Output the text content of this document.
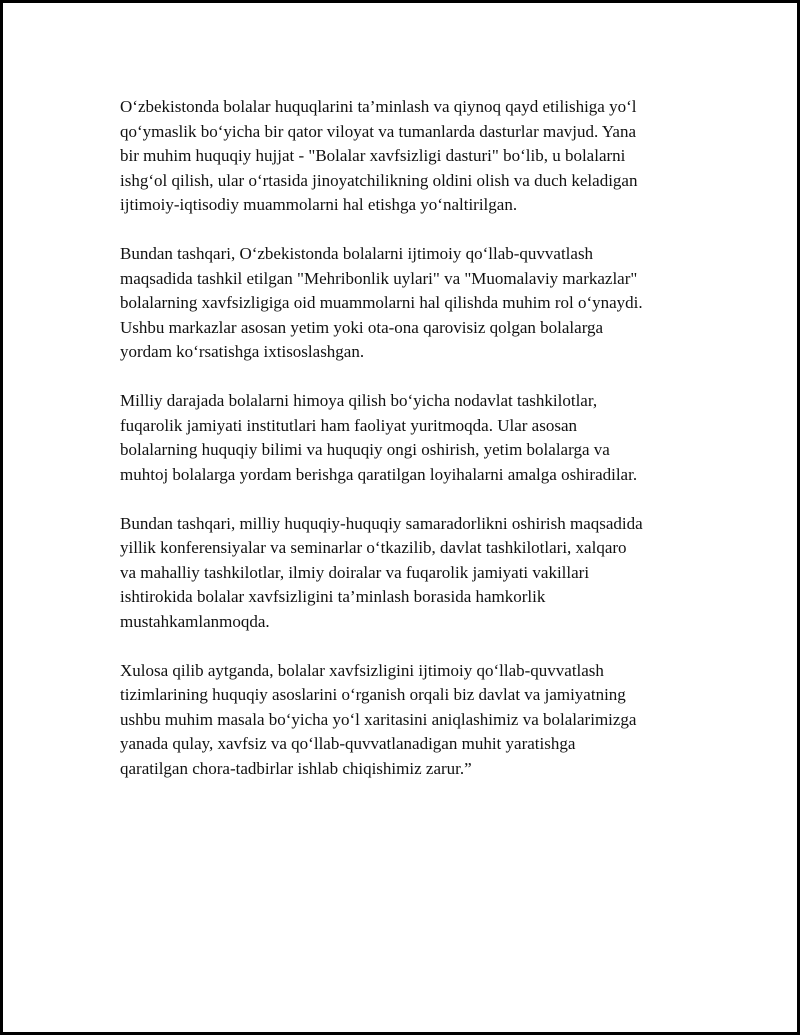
O‘zbekistonda bolalar huquqlarini ta’minlash va qiynoq qayd etilishiga yo‘l
qo‘ymaslik bo‘yicha bir qator viloyat va tumanlarda dasturlar mavjud. Yana
bir muhim huquqiy hujjat - "Bolalar xavfsizligi dasturi" bo‘lib, u bolalarni
ishg‘ol qilish, ular o‘rtasida jinoyatchilikning oldini olish va duch keladigan
ijtimoiy-iqtisodiy muammolarni hal etishga yo‘naltirilgan.

Bundan tashqari, O‘zbekistonda bolalarni ijtimoiy qo‘llab-quvvatlash
maqsadida tashkil etilgan "Mehribonlik uylari" va "Muomalaviy markazlar"
bolalarning xavfsizligiga oid muammolarni hal qilishda muhim rol o‘ynaydi.
Ushbu markazlar asosan yetim yoki ota-ona qarovisiz qolgan bolalarga
yordam ko‘rsatishga ixtisoslashgan.

Milliy darajada bolalarni himoya qilish bo‘yicha nodavlat tashkilotlar,
fuqarolik jamiyati institutlari ham faoliyat yuritmoqda. Ular asosan
bolalarning huquqiy bilimi va huquqiy ongi oshirish, yetim bolalarga va
muhtoj bolalarga yordam berishga qaratilgan loyihalarni amalga oshiradilar.

Bundan tashqari, milliy huquqiy-huquqiy samaradorlikni oshirish maqsadida
yillik konferensiyalar va seminarlar o‘tkazilib, davlat tashkilotlari, xalqaro
va mahalliy tashkilotlar, ilmiy doiralar va fuqarolik jamiyati vakillari
ishtirokida bolalar xavfsizligini ta’minlash borasida hamkorlik
mustahkamlanmoqda.

Xulosa qilib aytganda, bolalar xavfsizligini ijtimoiy qo‘llab-quvvatlash
tizimlarining huquqiy asoslarini o‘rganish orqali biz davlat va jamiyatning
ushbu muhim masala bo‘yicha yo‘l xaritasini aniqlashimiz va bolalarimizga
yanada qulay, xavfsiz va qo‘llab-quvvatlanadigan muhit yaratishga
qaratilgan chora-tadbirlar ishlab chiqishimiz zarur.”
